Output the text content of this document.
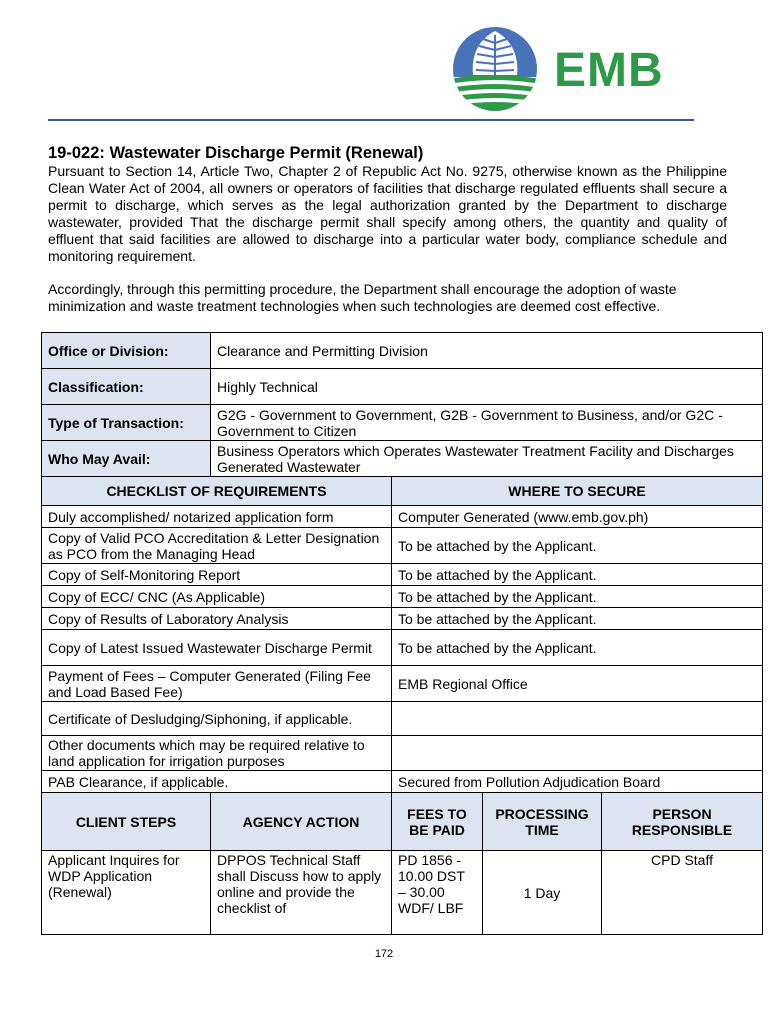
EMB
19-022: Wastewater Discharge Permit (Renewal)

Pursuant to Section 14, Article Two, Chapter 2 of Republic Act No. 9275, otherwise known as the Philippine Clean Water Act of 2004, all owners or operators of facilities that discharge regulated effluents shall secure a permit to discharge, which serves as the legal authorization granted by the Department to discharge wastewater, provided That the discharge permit shall specify among others, the quantity and quality of effluent that said facilities are allowed to discharge into a particular water body, compliance schedule and monitoring requirement.

Accordingly, through this permitting procedure, the Department shall encourage the adoption of waste minimization and waste treatment technologies when such technologies are deemed cost effective.

Office or Division:	Clearance and Permitting Division			
Classification:	Highly Technical			
Type of Transaction:	G2G - Government to Government, G2B - Government to Business, and/or G2C - Government to Citizen			
Who May Avail:	Business Operators which Operates Wastewater Treatment Facility and Discharges Generated Wastewater			
CHECKLIST OF REQUIREMENTS		WHERE TO SECURE		
Duly accomplished/ notarized application form		Computer Generated (www.emb.gov.ph)		
Copy of Valid PCO Accreditation & Letter Designation as PCO from the Managing Head		To be attached by the Applicant.		
Copy of Self-Monitoring Report		To be attached by the Applicant.		
Copy of ECC/ CNC (As Applicable)		To be attached by the Applicant.		
Copy of Results of Laboratory Analysis		To be attached by the Applicant.		
Copy of Latest Issued Wastewater Discharge Permit		To be attached by the Applicant.		
Payment of Fees – Computer Generated (Filing Fee and Load Based Fee)		EMB Regional Office		
Certificate of Desludging/Siphoning, if applicable.				
Other documents which may be required relative to land application for irrigation purposes				
PAB Clearance, if applicable.		Secured from Pollution Adjudication Board		
CLIENT STEPS	AGENCY ACTION	FEES TO BE PAID	PROCESSING TIME	PERSON RESPONSIBLE
Applicant Inquires for WDP Application (Renewal)	DPPOS Technical Staff shall Discuss how to apply online and provide the checklist of	PD 1856 - 10.00 DST – 30.00 WDF/ LBF	1 Day	CPD Staff
172
